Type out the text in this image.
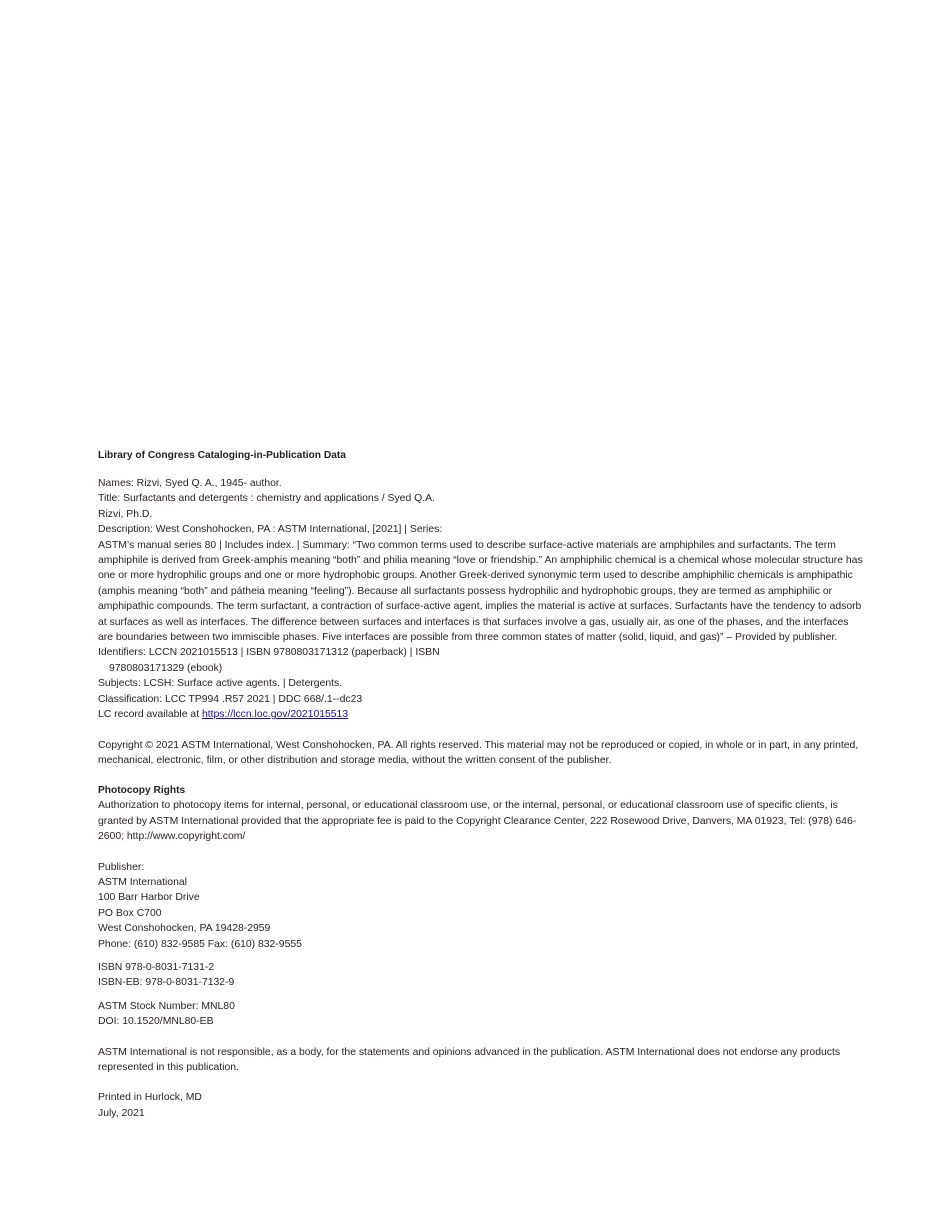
Library of Congress Cataloging-in-Publication Data
Names: Rizvi, Syed Q. A., 1945- author.
Title: Surfactants and detergents : chemistry and applications / Syed Q.A.
Rizvi, Ph.D.
Description: West Conshohocken, PA : ASTM International, [2021] | Series:
ASTM’s manual series 80 | Includes index. | Summary: “Two common terms used to describe surface-active materials are amphiphiles and surfactants. The term amphiphile is derived from Greek-amphis meaning “both” and philia meaning “love or friendship.” An amphiphilic chemical is a chemical whose molecular structure has one or more hydrophilic groups and one or more hydrophobic groups. Another Greek-derived synonymic term used to describe amphiphilic chemicals is amphipathic (amphis meaning “both” and pátheia meaning “feeling”). Because all surfactants possess hydrophilic and hydrophobic groups, they are termed as amphiphilic or amphipathic compounds. The term surfactant, a contraction of surface-active agent, implies the material is active at surfaces. Surfactants have the tendency to adsorb at surfaces as well as interfaces. The difference between surfaces and interfaces is that surfaces involve a gas, usually air, as one of the phases, and the interfaces are boundaries between two immiscible phases. Five interfaces are possible from three common states of matter (solid, liquid, and gas)” – Provided by publisher.
Identifiers: LCCN 2021015513 | ISBN 9780803171312 (paperback) | ISBN
9780803171329 (ebook)
Subjects: LCSH: Surface active agents. | Detergents.
Classification: LCC TP994 .R57 2021 | DDC 668/.1--dc23
LC record available at https://lccn.loc.gov/2021015513
Copyright © 2021 ASTM International, West Conshohocken, PA. All rights reserved. This material may not be reproduced or copied, in whole or in part, in any printed, mechanical, electronic, film, or other distribution and storage media, without the written consent of the publisher.
Photocopy Rights
Authorization to photocopy items for internal, personal, or educational classroom use, or the internal, personal, or educational classroom use of specific clients, is granted by ASTM International provided that the appropriate fee is paid to the Copyright Clearance Center, 222 Rosewood Drive, Danvers, MA 01923, Tel: (978) 646-2600; http://www.copyright.com/
Publisher:
ASTM International
100 Barr Harbor Drive
PO Box C700
West Conshohocken, PA 19428-2959
Phone: (610) 832-9585 Fax: (610) 832-9555
ISBN 978-0-8031-7131-2
ISBN-EB: 978-0-8031-7132-9
ASTM Stock Number: MNL80
DOI: 10.1520/MNL80-EB
ASTM International is not responsible, as a body, for the statements and opinions advanced in the publication. ASTM International does not endorse any products represented in this publication.
Printed in Hurlock, MD
July, 2021
